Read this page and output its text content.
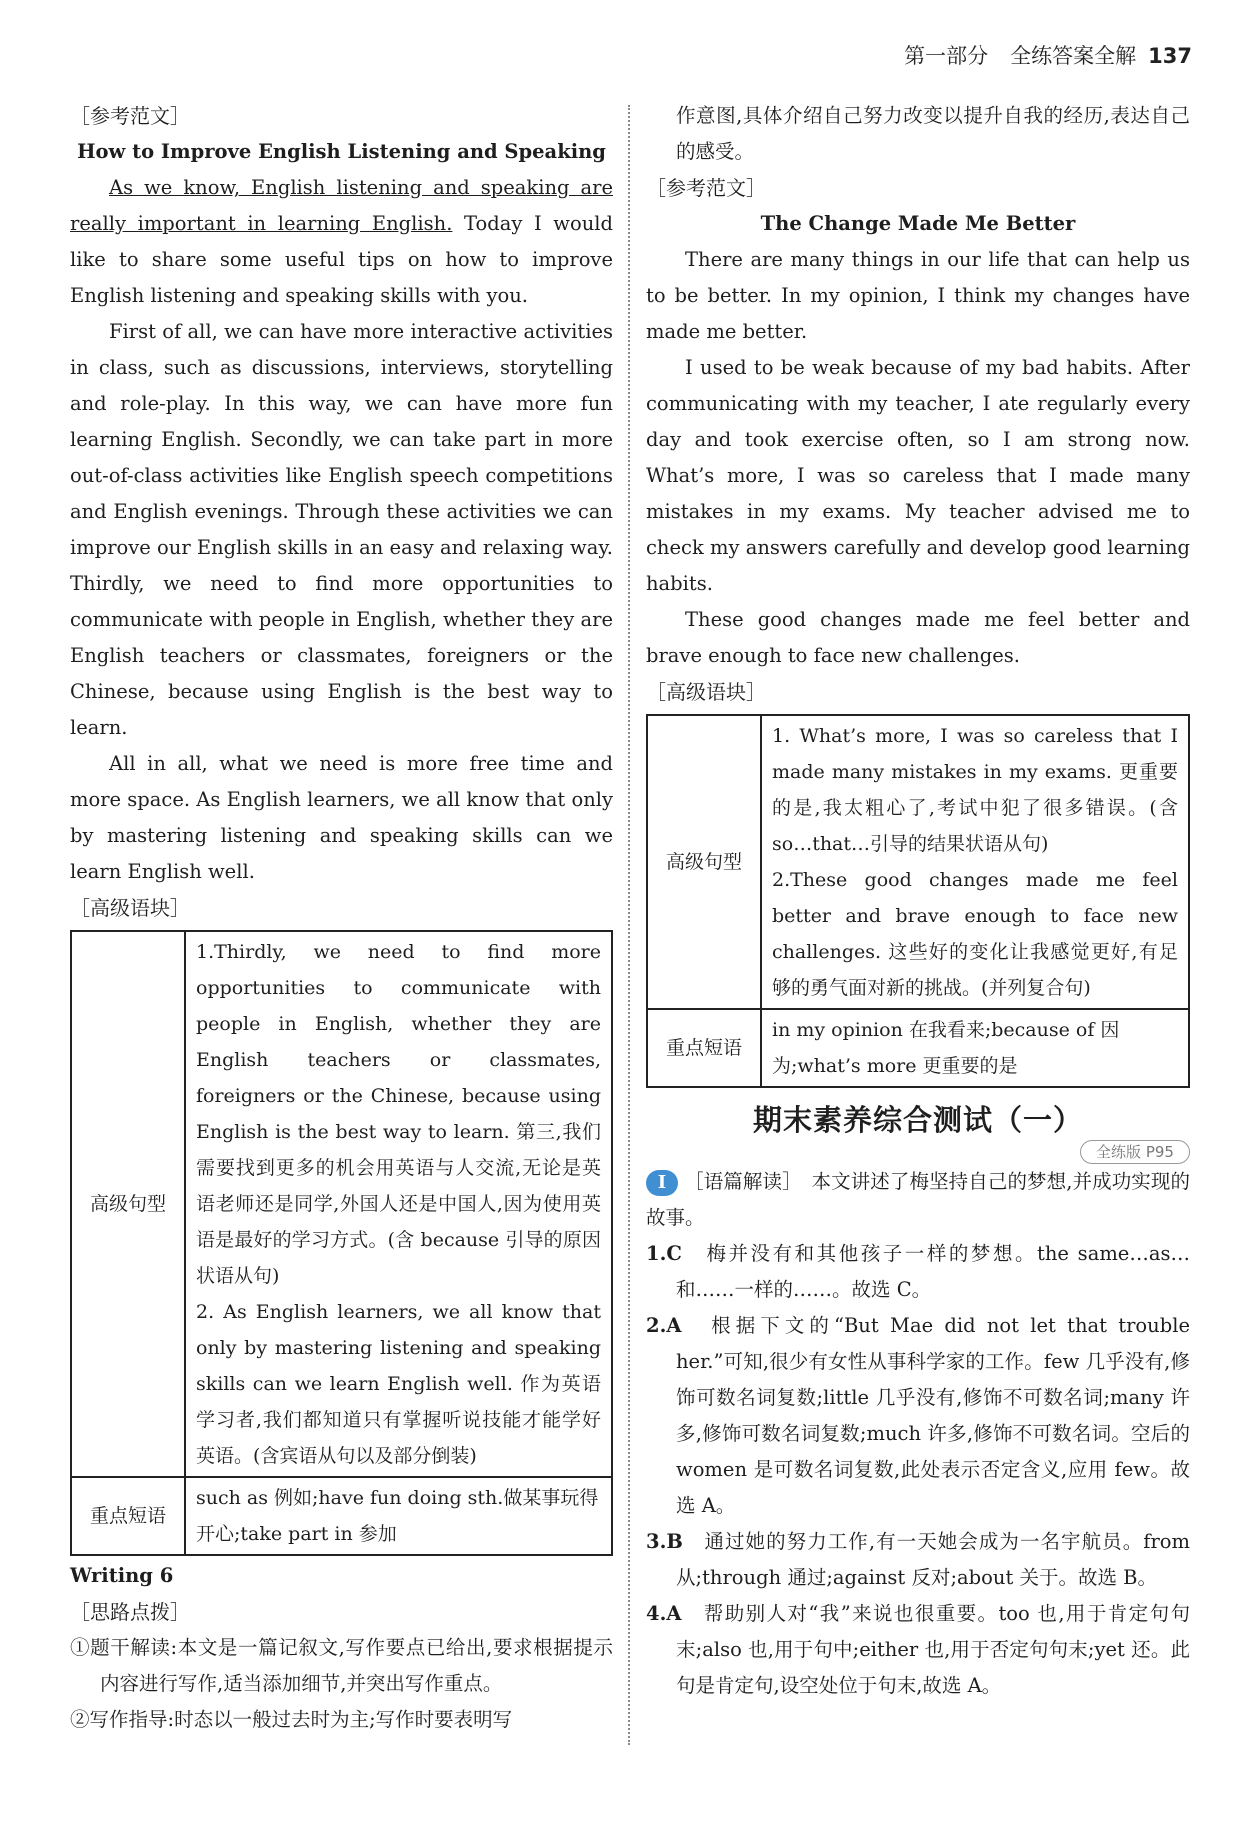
第一部分 全练答案全解 137

［参考范文］

How to Improve English Listening and Speaking

As we know, English listening and speaking are really important in learning English. Today I would like to share some useful tips on how to improve English listening and speaking skills with you.

First of all, we can have more interactive activities in class, such as discussions, interviews, storytelling and role-play. In this way, we can have more fun learning English. Secondly, we can take part in more out-of-class activities like English speech competitions and English evenings. Through these activities we can improve our English skills in an easy and relaxing way. Thirdly, we need to find more opportunities to communicate with people in English, whether they are English teachers or classmates, foreigners or the Chinese, because using English is the best way to learn.

All in all, what we need is more free time and more space. As English learners, we all know that only by mastering listening and speaking skills can we learn English well.

［高级语块］

高级句型	1.Thirdly, we need to find more opportunities to communicate with people in English, whether they are English teachers or classmates, foreigners or the Chinese, because using English is the best way to learn. 第三,我们需要找到更多的机会用英语与人交流,无论是英语老师还是同学,外国人还是中国人,因为使用英语是最好的学习方式。(含 because 引导的原因状语从句)

2. As English learners, we all know that only by mastering listening and speaking skills can we learn English well. 作为英语学习者,我们都知道只有掌握听说技能才能学好英语。(含宾语从句以及部分倒装)

重点短语	such as 例如;have fun doing sth.做某事玩得开心;take part in 参加

Writing 6

［思路点拨］

①题干解读:本文是一篇记叙文,写作要点已给出,要求根据提示内容进行写作,适当添加细节,并突出写作重点。

②写作指导:时态以一般过去时为主;写作时要表明写

作意图,具体介绍自己努力改变以提升自我的经历,表达自己的感受。

［参考范文］

The Change Made Me Better

There are many things in our life that can help us to be better. In my opinion, I think my changes have made me better.

I used to be weak because of my bad habits. After communicating with my teacher, I ate regularly every day and took exercise often, so I am strong now. What’s more, I was so careless that I made many mistakes in my exams. My teacher advised me to check my answers carefully and develop good learning habits.

These good changes made me feel better and brave enough to face new challenges.

［高级语块］

高级句型	1. What’s more, I was so careless that I made many mistakes in my exams. 更重要的是,我太粗心了,考试中犯了很多错误。(含 so…that…引导的结果状语从句)

2.These good changes made me feel better and brave enough to face new challenges. 这些好的变化让我感觉更好,有足够的勇气面对新的挑战。(并列复合句)

重点短语	in my opinion 在我看来;because of 因为;what’s more 更重要的是
期末素养综合测试（一）
全练版 P95

Ⅰ ［语篇解读］　本文讲述了梅坚持自己的梦想,并成功实现的故事。

1.C　梅并没有和其他孩子一样的梦想。the same…as…和……一样的……。故选 C。

2.A　根据下文的“But Mae did not let that trouble her.”可知,很少有女性从事科学家的工作。few 几乎没有,修饰可数名词复数;little 几乎没有,修饰不可数名词;many 许多,修饰可数名词复数;much 许多,修饰不可数名词。空后的 women 是可数名词复数,此处表示否定含义,应用 few。故选 A。

3.B　通过她的努力工作,有一天她会成为一名宇航员。from 从;through 通过;against 反对;about 关于。故选 B。

4.A　帮助别人对“我”来说也很重要。too 也,用于肯定句句末;also 也,用于句中;either 也,用于否定句句末;yet 还。此句是肯定句,设空处位于句末,故选 A。
